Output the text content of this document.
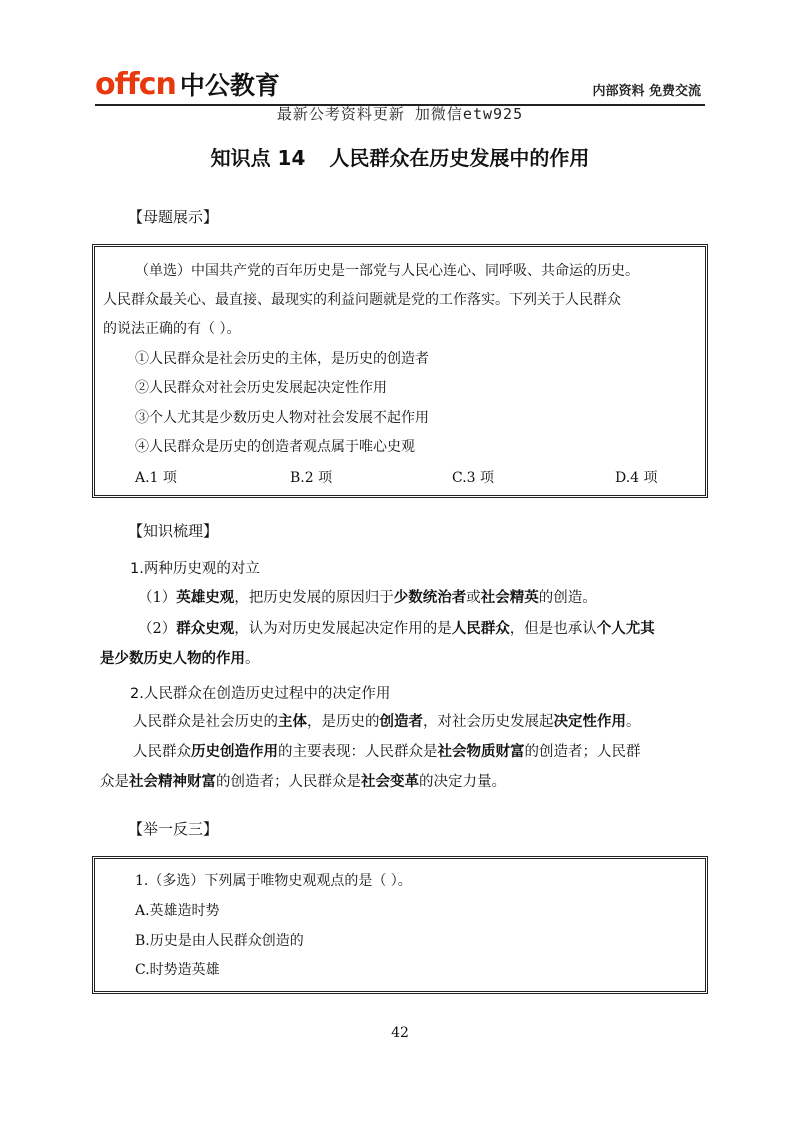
offcn 中公教育	内部资料 免费交流
最新公考资料更新 加微信etw925
知识点 14 人民群众在历史发展中的作用
【母题展示】
（单选）中国共产党的百年历史是一部党与人民心连心、同呼吸、共命运的历史。
人民群众最关心、最直接、最现实的利益问题就是党的工作落实。下列关于人民群众
的说法正确的有（ ）。
①人民群众是社会历史的主体，是历史的创造者
②人民群众对社会历史发展起决定性作用
③个人尤其是少数历史人物对社会发展不起作用
④人民群众是历史的创造者观点属于唯心史观
A.1 项	B.2 项	C.3 项	D.4 项
【知识梳理】
1.两种历史观的对立
（1）英雄史观，把历史发展的原因归于少数统治者或社会精英的创造。
（2）群众史观，认为对历史发展起决定作用的是人民群众，但是也承认个人尤其
是少数历史人物的作用。
2.人民群众在创造历史过程中的决定作用
人民群众是社会历史的主体，是历史的创造者，对社会历史发展起决定性作用。
人民群众历史创造作用的主要表现：人民群众是社会物质财富的创造者；人民群
众是社会精神财富的创造者；人民群众是社会变革的决定力量。
【举一反三】
1.（多选）下列属于唯物史观观点的是（ ）。
A.英雄造时势
B.历史是由人民群众创造的
C.时势造英雄
42
